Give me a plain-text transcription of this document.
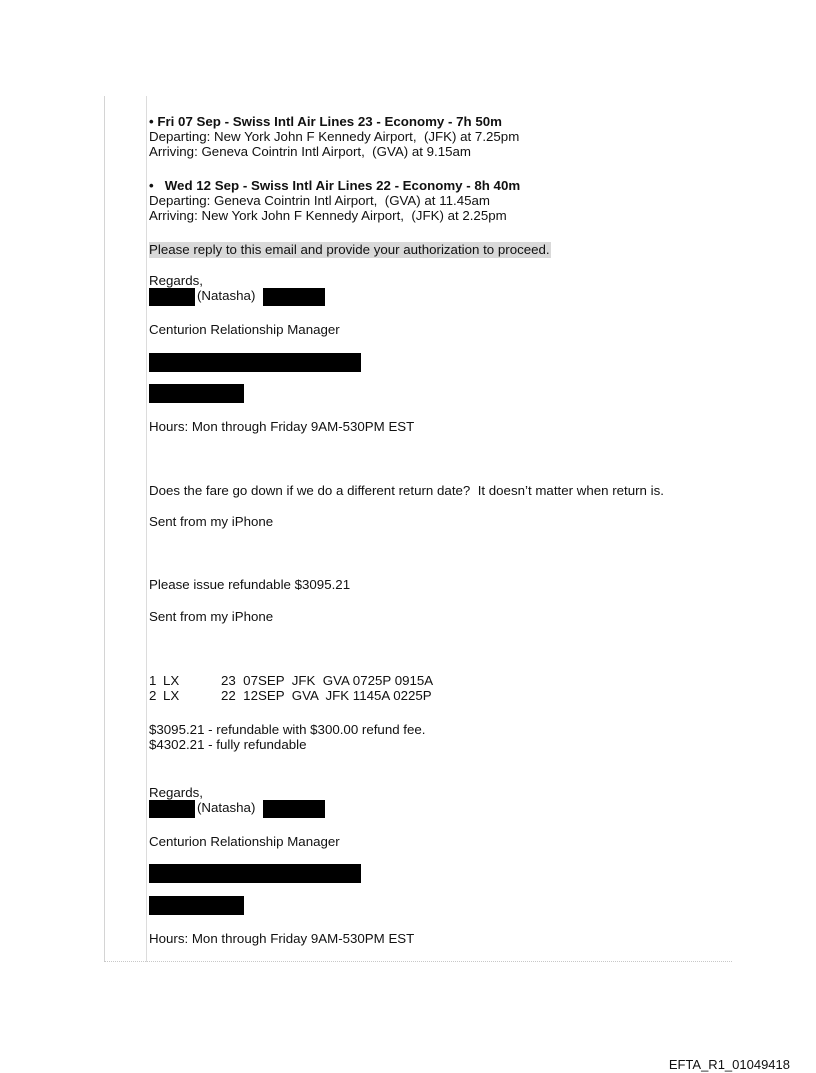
• Fri 07 Sep - Swiss Intl Air Lines 23 - Economy - 7h 50m
Departing: New York John F Kennedy Airport,  (JFK) at 7.25pm
Arriving: Geneva Cointrin Intl Airport,  (GVA) at 9.15am
•   Wed 12 Sep - Swiss Intl Air Lines 22 - Economy - 8h 40m
Departing: Geneva Cointrin Intl Airport,  (GVA) at 11.45am
Arriving: New York John F Kennedy Airport,  (JFK) at 2.25pm
Please reply to this email and provide your authorization to proceed.
Regards,
(Natasha)
Centurion Relationship Manager
Hours: Mon through Friday 9AM-530PM EST
Does the fare go down if we do a different return date?  It doesn’t matter when return is.
Sent from my iPhone
Please issue refundable $3095.21
Sent from my iPhone
1 LX	23  07SEP  JFK  GVA 0725P 0915A
2 LX	22  12SEP  GVA  JFK 1145A 0225P
$3095.21 - refundable with $300.00 refund fee.
$4302.21 - fully refundable
Regards,
(Natasha)
Centurion Relationship Manager
Hours: Mon through Friday 9AM-530PM EST
EFTA_R1_01049418
